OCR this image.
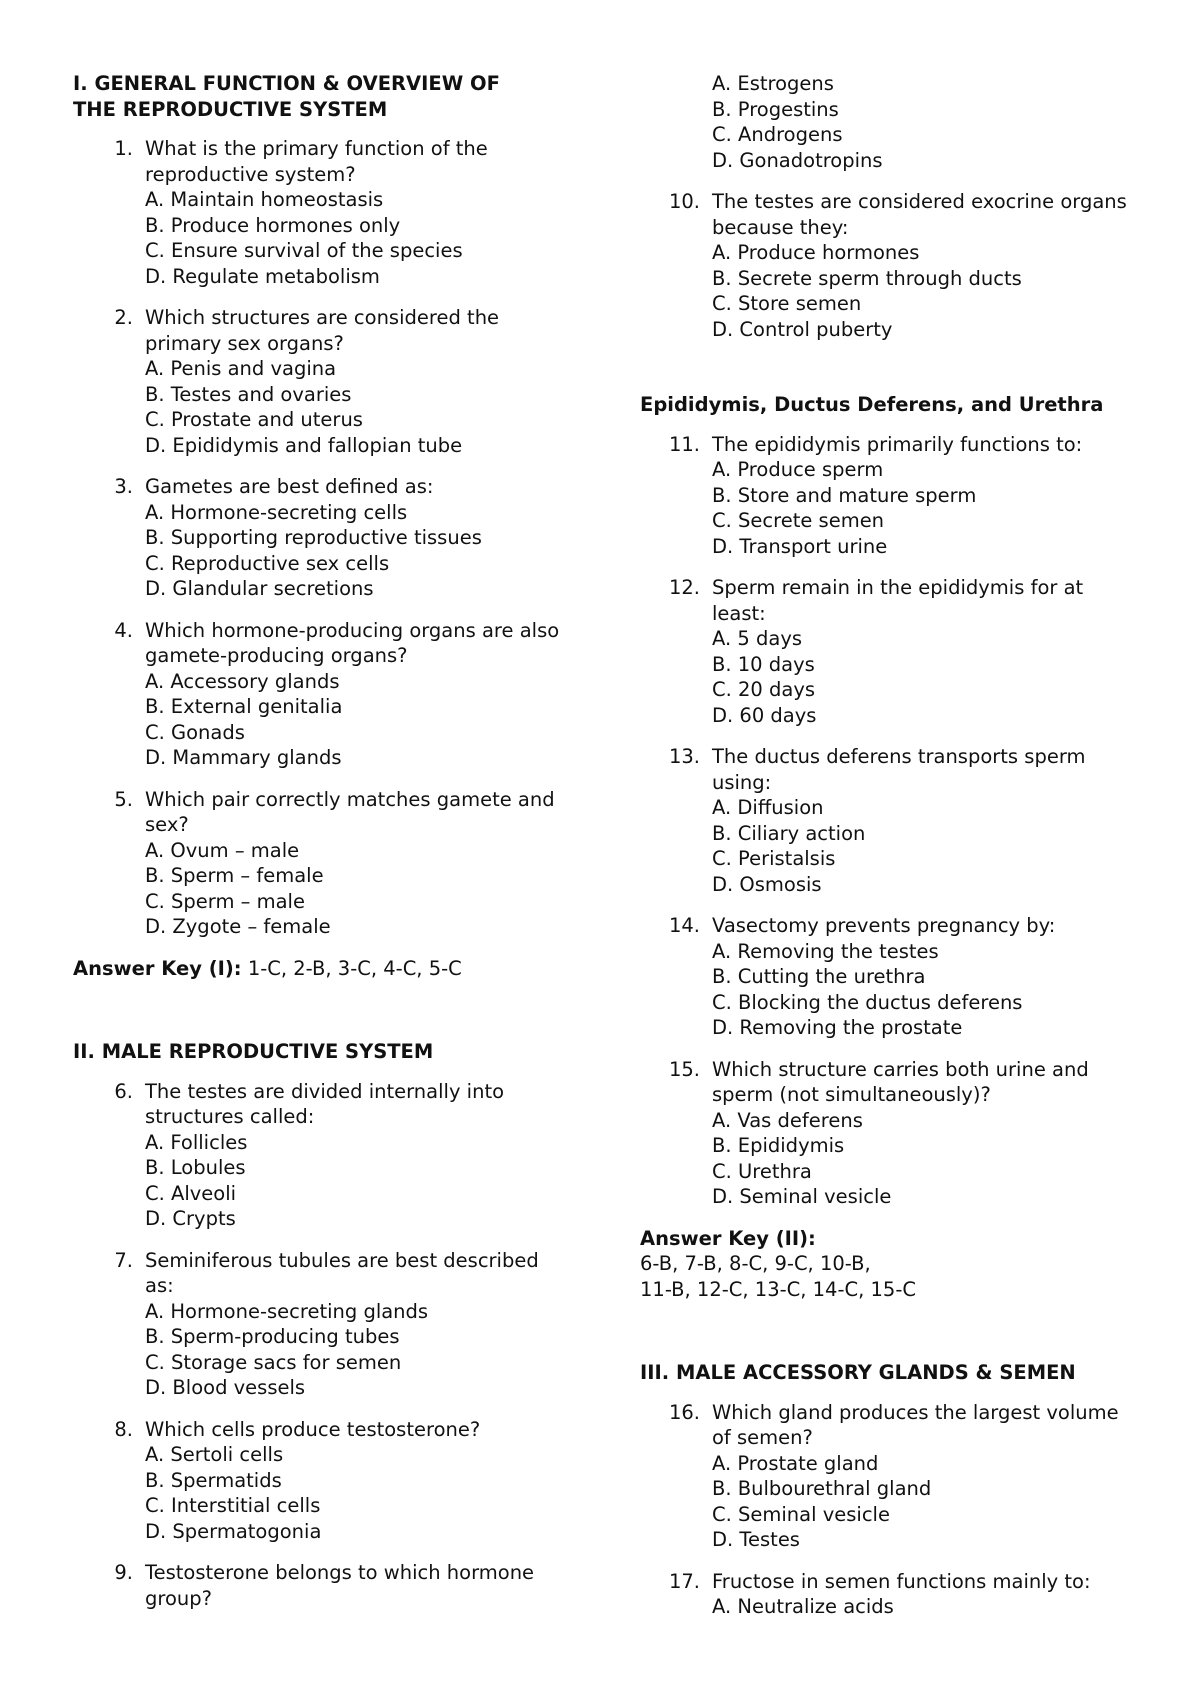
I. GENERAL FUNCTION & OVERVIEW OF
THE REPRODUCTIVE SYSTEM

1. What is the primary function of the reproductive system?
A. Maintain homeostasis
B. Produce hormones only
C. Ensure survival of the species
D. Regulate metabolism
2. Which structures are considered the primary sex organs?
A. Penis and vagina
B. Testes and ovaries
C. Prostate and uterus
D. Epididymis and fallopian tube
3. Gametes are best defined as:
A. Hormone-secreting cells
B. Supporting reproductive tissues
C. Reproductive sex cells
D. Glandular secretions
4. Which hormone-producing organs are also gamete-producing organs?
A. Accessory glands
B. External genitalia
C. Gonads
D. Mammary glands
5. Which pair correctly matches gamete and sex?
A. Ovum – male
B. Sperm – female
C. Sperm – male
D. Zygote – female

Answer Key (I): 1-C, 2-B, 3-C, 4-C, 5-C

II. MALE REPRODUCTIVE SYSTEM

6. The testes are divided internally into structures called:
A. Follicles
B. Lobules
C. Alveoli
D. Crypts
7. Seminiferous tubules are best described as:
A. Hormone-secreting glands
B. Sperm-producing tubes
C. Storage sacs for semen
D. Blood vessels
8. Which cells produce testosterone?
A. Sertoli cells
B. Spermatids
C. Interstitial cells
D. Spermatogonia
9. Testosterone belongs to which hormone group?
A. Estrogens
B. Progestins
C. Androgens
D. Gonadotropins
10. The testes are considered exocrine organs because they:
A. Produce hormones
B. Secrete sperm through ducts
C. Store semen
D. Control puberty

Epididymis, Ductus Deferens, and Urethra

11. The epididymis primarily functions to:
A. Produce sperm
B. Store and mature sperm
C. Secrete semen
D. Transport urine
12. Sperm remain in the epididymis for at least:
A. 5 days
B. 10 days
C. 20 days
D. 60 days
13. The ductus deferens transports sperm using:
A. Diffusion
B. Ciliary action
C. Peristalsis
D. Osmosis
14. Vasectomy prevents pregnancy by:
A. Removing the testes
B. Cutting the urethra
C. Blocking the ductus deferens
D. Removing the prostate
15. Which structure carries both urine and sperm (not simultaneously)?
A. Vas deferens
B. Epididymis
C. Urethra
D. Seminal vesicle

Answer Key (II):
6-B, 7-B, 8-C, 9-C, 10-B,
11-B, 12-C, 13-C, 14-C, 15-C

III. MALE ACCESSORY GLANDS & SEMEN

16. Which gland produces the largest volume of semen?
A. Prostate gland
B. Bulbourethral gland
C. Seminal vesicle
D. Testes
17. Fructose in semen functions mainly to:
A. Neutralize acids
